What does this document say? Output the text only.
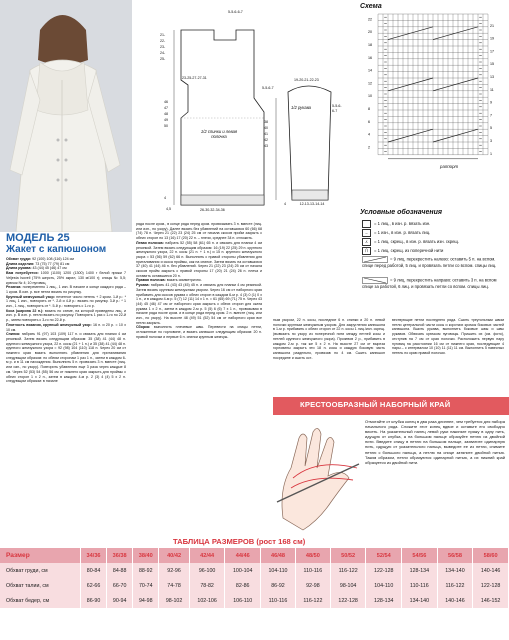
МОДЕЛЬ 25
Жакет с капюшоном
Обхват груди: 92 (100) 108 (116) 124 см
Длина изделия: 73 (75) 77 (79) 81 см
Длина рукава: 43 (44) 45 (46) 47 см
Вам потребуется: 1000 (1100) 1200 (1300) 1400 г белой пряжи 7 Veljesta Isoveli (75% шерсть, 25% акрил, 130 м/100 г); спицы № 5,5; крючок № 4; 10 пуговиц.
Резинка: попеременно 1 лиц., 1 изн. В начале и конце каждого ряда – 1 кром. В изн. р. все петли вязать по рисунку.
Крупный жемчужный узор: нечетное число петель + 2 кром. 1-й р.: * 1 лиц, 1 изн., повторять от *. 2-й и 4-й р.: вязать по рисунку. 3-й р.: * 1 изн., 1 лиц., повторять от *. 5-й р.: повторять с 1-го р.
Коса (ширина 22 п.): вязать по схеме, на которой приведены лиц. и изн. р. В изн. р. петли вязать по рисунку. Повторять 1 раз с 1-го по 22-й р., затем повторять с 3-го по 22-й р.
Плотность вязания, крупный жемчужный узор: 16 п. и 20 р. = 10 х 10 см.
Спинка: набрать 91 (97) 103 (109) 117 п. и связать для планки 4 см резинкой. Затем вязать следующим образом: 35 (38) 41 (44) 48 п. крупного жемчужного узора, 22 п. косы (21 + 1 п.) и 35 (38) 41 (44) 48 п. крупного жемчужного узора = 92 (98) 104 (110) 118 п. Через 20 см от нижнего края вязать выполнять убавления для приталивания следующим образом: по обеим сторонам 1 раз 1 п., затем в каждом 6-м р. и в 11 см нахождения. Выполнить 5 п. провязать 3 п. вместе (лиц. или изн., по узору). Повторить убавления еще 3 раза через каждые 8 см. Через 52 (53) 54 (55) 56 см от нижнего края закрыть для проймы с обеих сторон 1 х 2 п., затем в каждом 4-м р. 2 (3) 4 (4) 5 х 2 п. следующим образом: в начале
ряда после кром., в конце ряда перед кром. провязывать 3 п. вместе (лиц. или изн., по узору). Далее вязать без убавлений на оставшихся 60 (66) 68 (74) 78 п. Через 21 (22) 23 (24) 25 см от начала скосов пройм закрыть с обеих сторон по 13 (16) 17 (20) 22 п. – плечи, среднее 34 п. отложить.
Левая полочка: набрать 52 (55) 58 (61) 65 п. и связать для планки 4 см резинкой. Затем вязать следующим образом: 16 (19) 22 (25) 29 п. крупного жемчужного узора, 22 п. косы (21 п. + 1 п.) и 15 п. крупного жемчужного узора = 53 (56) 59 (62) 66 п. Выполнить с правой стороны убавления для приталивания и скоса проймы, как на спинке. Затем вязать на оставшихся 37 (40) 41 (44) 46 п. без убавлений. Через 21 (22) 23 (24) 25 см от начала скосов пройм закрыть с правой стороны 17 (20) 21 (24) 26 п. плеча и оставить оставшиеся 20 п.
Правая полочка: вязать симметрично.
Рукава: набрать 41 (43) 43 (45) 45 п. и связать для планки 4 см резинкой. Затем вязать крупным жемчужным узором. Через 16 см от наборного края прибавить для скосов рукава с обеих сторон в каждом 6-м р. 4 (3) 0 (1) 0 x 1 п., и в каждом 4-м р. 5 (7) 12 (11) 14 x 1 п. = 61 (65) 69 (71) 75 п. Через 43 (44) 45 (46) 47 см от наборного края закрыть с обеих сторон для оката рукава 1 х 2 п., затем в каждом 2-м р. 5 (5) 6 (6) 7 х 1 п., провязывая в начале ряда после кром. и в конце ряда перед кром. 2 п. вместе (лиц. или изн., по узору). На высоте 48 (49) 51 (52) 54 см от наборного края все петли закрыть.
Сборка: выполнить плечевые швы. Перевести на спицы петли, отложенные по горловине, и вязать капюшон следующим образом: 20 п. правой полочки и первые 6 п. спинки крупным жемчуж-
ным узором, 22 п. косы, последние 6 п. спинки и 20 п. левой полочки крупным жемчужным узором. Для закругления капюшона в 1-м р. прибавить с обеих сторон от 22 п. косы 1 лиц./изн. скрещ. (вывязать по узору из поперечной нити между петлей косы и петлей крупного жемчужного узора). Прозевов 2 р., прибавить в каждом 2-м р. так же 5 х 2 п. На высоте 27 см от выреза горловины закрыть эти 18 п. косы и каждую боковую часть капюшона раздельно, провязав по 4 см. Сшить капюшон посредине и сшить ост-
вествующие петли последнего ряда. Сшить треугольным швом петли центральной части косы и коротких кромок боковых частей капюшона. Вшить рукава, выполнить боковые швы и швы рукавов. Обвязать крючком пуговицы. Пришить их (см. фото), отступив на 7 см от края полочки. Расположить первую пару пуговиц на расстоянии 16 см от нижнего края, последующие 4 пары – с интервалом 10 (10) 11 (11) 11 см. Выполнить 5 навесных петель по краю правой полочки.
21-
22-
23-
24-
25-
46
47
48
49
50
4
5-5-6-6-7
23-25-27-27-31
1/2 спинки и левая полочка
4,5	26-30-32-34-36
19-20-21-22-23
1/2 рукава
5-5-6-7
38
40
41
42
43
5-5-6-6-7
4	12-13-13-14-14
Схема
22
20
18
16
14
12
10
8
6
4
2
21
19
17
15
13
11
9
7
5
3
1
раппорт
Условные обозначения
= 1 лиц., в изн. р. вязать изн.
– = 1 изн., в изн. р. вязать лиц.
ʎ = 1 лиц. скрещ., в изн. р. вязать изн. скрещ.
Ⴖ = 1 лиц. скрещ. из поперечной нити
= 9 лиц. перекрестить налево: оставить 5 п. на вспом. спице перед работой, 5 лиц. и провязать петли со вспом. спицы лиц.
= 9 лиц. перекрестить направо: оставить 3 п. на вспом спице за работой, 6 лиц. и провязать петли со вспом. спицы лиц.
КРЕСТООБРАЗНЫЙ НАБОРНЫЙ КРАЙ
Отмотайте от клубка конец в два раза длиннее, чем требуется для набора начального ряда. Сложите этот конец вдвое и оставьте его свободно висеть. На указательный палец левой руки накиньте пряжу в одну нить, идущую от клубка, а на большом пальце образуйте петлю из двойной нити. Введите спицу в петлю на большом пальце, захватите одинарную нить, идущую от указательного пальца, выведите ее из петли, снимите петлю с большого пальца, а петлю на спице затяните двойной нитью. Таким образом, петли образуются одинарной нитью, а их нижний край образуется из двойной нити.
ТАБЛИЦА РАЗМЕРОВ (рост 168 см)
Размер	34/36	36/38	38/40	40/42	42/44	44/46	46/48	48/50	50/52	52/54	54/56	56/58	58/60
Обхват груди, см	80-84	84-88	88-92	92-96	96-100	100-104	104-110	110-116	116-122	122-128	128-134	134-140	140-146
Обхват талии, см	62-66	66-70	70-74	74-78	78-82	82-86	86-92	92-98	98-104	104-110	110-116	116-122	122-128
Обхват бедер, см	86-90	90-94	94-98	98-102	102-106	106-110	110-116	116-122	122-128	128-134	134-140	140-146	146-152
